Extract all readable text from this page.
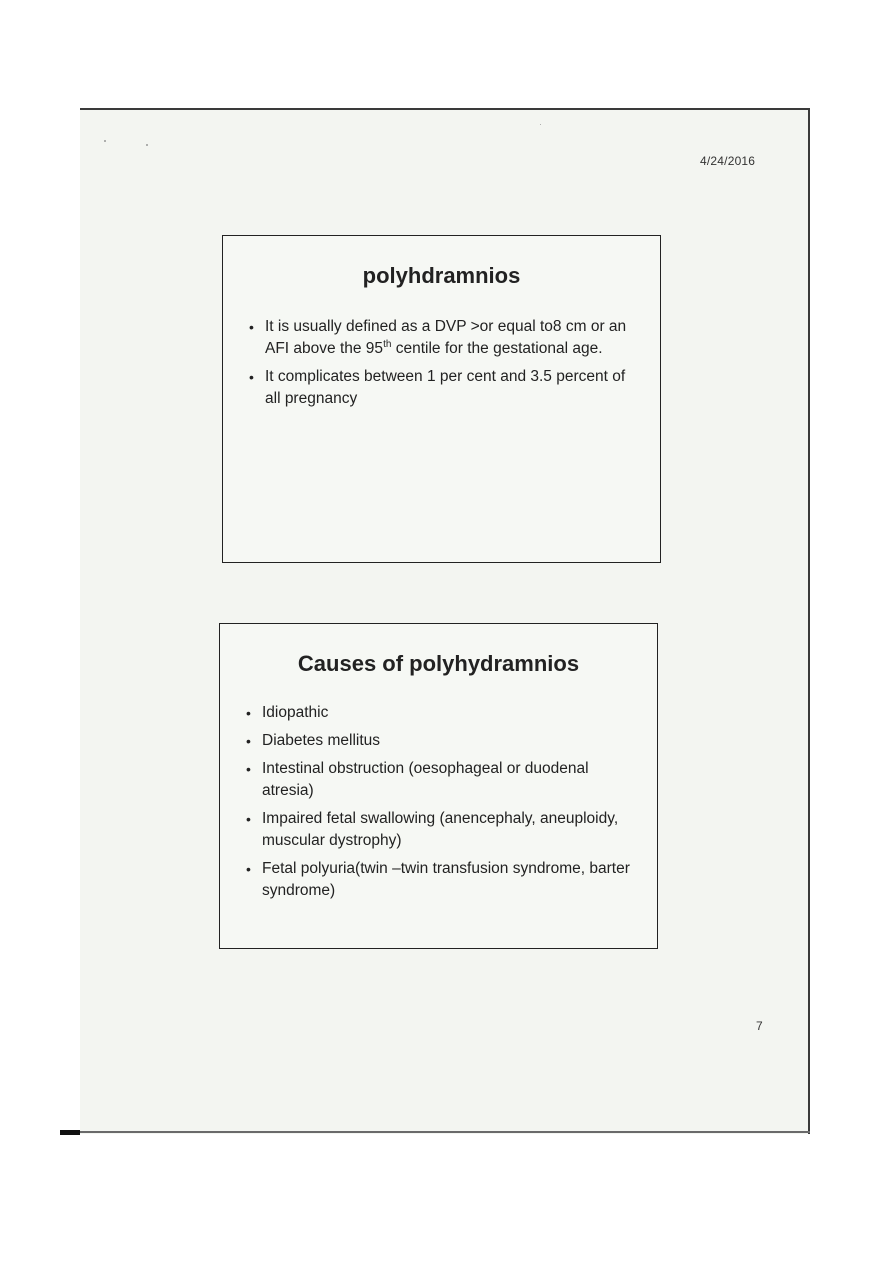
4/24/2016
polyhdramnios
• It is usually defined as a DVP >or equal to8 cm or an AFI above the 95th centile for the gestational age.
• It complicates between 1 per cent and 3.5 percent of all pregnancy
Causes of polyhydramnios
• Idiopathic
• Diabetes mellitus
• Intestinal obstruction (oesophageal or duodenal atresia)
• Impaired fetal swallowing (anencephaly, aneuploidy, muscular dystrophy)
• Fetal polyuria(twin –twin transfusion syndrome, barter syndrome)
7
